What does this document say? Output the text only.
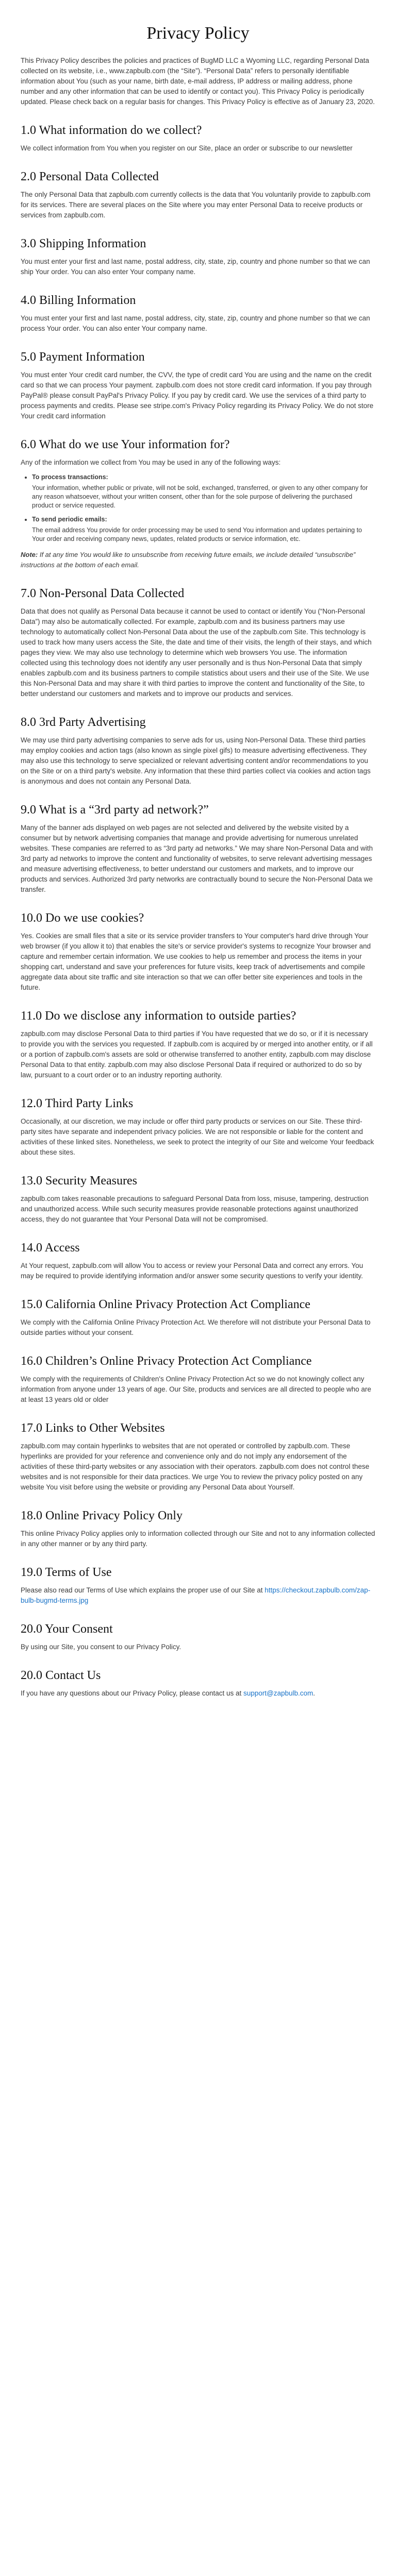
Privacy Policy

This Privacy Policy describes the policies and practices of BugMD LLC a Wyoming LLC, regarding Personal Data collected on its website, i.e., www.zapbulb.com (the “Site”). “Personal Data” refers to personally identifiable information about You (such as your name, birth date, e-mail address, IP address or mailing address, phone number and any other information that can be used to identify or contact you). This Privacy Policy is periodically updated. Please check back on a regular basis for changes. This Privacy Policy is effective as of January 23, 2020.

1.0 What information do we collect?

We collect information from You when you register on our Site, place an order or subscribe to our newsletter

2.0 Personal Data Collected

The only Personal Data that zapbulb.com currently collects is the data that You voluntarily provide to zapbulb.com for its services. There are several places on the Site where you may enter Personal Data to receive products or services from zapbulb.com.

3.0 Shipping Information

You must enter your first and last name, postal address, city, state, zip, country and phone number so that we can ship Your order. You can also enter Your company name.

4.0 Billing Information

You must enter your first and last name, postal address, city, state, zip, country and phone number so that we can process Your order. You can also enter Your company name.

5.0 Payment Information

You must enter Your credit card number, the CVV, the type of credit card You are using and the name on the credit card so that we can process Your payment. zapbulb.com does not store credit card information. If you pay through PayPal® please consult PayPal's Privacy Policy. If you pay by credit card. We use the services of a third party to process payments and credits. Please see stripe.com's Privacy Policy regarding its Privacy Policy. We do not store Your credit card information

6.0 What do we use Your information for?

Any of the information we collect from You may be used in any of the following ways:

• To process transactions:
Your information, whether public or private, will not be sold, exchanged, transferred, or given to any other company for any reason whatsoever, without your written consent, other than for the sole purpose of delivering the purchased product or service requested.
• To send periodic emails:
The email address You provide for order processing may be used to send You information and updates pertaining to Your order and receiving company news, updates, related products or service information, etc.

Note: If at any time You would like to unsubscribe from receiving future emails, we include detailed “unsubscribe” instructions at the bottom of each email.

7.0 Non-Personal Data Collected

Data that does not qualify as Personal Data because it cannot be used to contact or identify You (“Non-Personal Data”) may also be automatically collected. For example, zapbulb.com and its business partners may use technology to automatically collect Non-Personal Data about the use of the zapbulb.com Site. This technology is used to track how many users access the Site, the date and time of their visits, the length of their stays, and which pages they view. We may also use technology to determine which web browsers You use. The information collected using this technology does not identify any user personally and is thus Non-Personal Data that simply enables zapbulb.com and its business partners to compile statistics about users and their use of the Site. We use this Non-Personal Data and may share it with third parties to improve the content and functionality of the Site, to better understand our customers and markets and to improve our products and services.

8.0 3rd Party Advertising

We may use third party advertising companies to serve ads for us, using Non-Personal Data. These third parties may employ cookies and action tags (also known as single pixel gifs) to measure advertising effectiveness. They may also use this technology to serve specialized or relevant advertising content and/or recommendations to you on the Site or on a third party's website. Any information that these third parties collect via cookies and action tags is anonymous and does not contain any Personal Data.

9.0 What is a “3rd party ad network?”

Many of the banner ads displayed on web pages are not selected and delivered by the website visited by a consumer but by network advertising companies that manage and provide advertising for numerous unrelated websites. These companies are referred to as “3rd party ad networks.” We may share Non-Personal Data and with 3rd party ad networks to improve the content and functionality of websites, to serve relevant advertising messages and measure advertising effectiveness, to better understand our customers and markets, and to improve our products and services. Authorized 3rd party networks are contractually bound to secure the Non-Personal Data we transfer.

10.0 Do we use cookies?

Yes. Cookies are small files that a site or its service provider transfers to Your computer's hard drive through Your web browser (if you allow it to) that enables the site's or service provider's systems to recognize Your browser and capture and remember certain information. We use cookies to help us remember and process the items in your shopping cart, understand and save your preferences for future visits, keep track of advertisements and compile aggregate data about site traffic and site interaction so that we can offer better site experiences and tools in the future.

11.0 Do we disclose any information to outside parties?

zapbulb.com may disclose Personal Data to third parties if You have requested that we do so, or if it is necessary to provide you with the services you requested. If zapbulb.com is acquired by or merged into another entity, or if all or a portion of zapbulb.com's assets are sold or otherwise transferred to another entity, zapbulb.com may disclose Personal Data to that entity. zapbulb.com may also disclose Personal Data if required or authorized to do so by law, pursuant to a court order or to an industry reporting authority.

12.0 Third Party Links

Occasionally, at our discretion, we may include or offer third party products or services on our Site. These third-party sites have separate and independent privacy policies. We are not responsible or liable for the content and activities of these linked sites. Nonetheless, we seek to protect the integrity of our Site and welcome Your feedback about these sites.

13.0 Security Measures

zapbulb.com takes reasonable precautions to safeguard Personal Data from loss, misuse, tampering, destruction and unauthorized access. While such security measures provide reasonable protections against unauthorized access, they do not guarantee that Your Personal Data will not be compromised.

14.0 Access

At Your request, zapbulb.com will allow You to access or review your Personal Data and correct any errors. You may be required to provide identifying information and/or answer some security questions to verify your identity.

15.0 California Online Privacy Protection Act Compliance

We comply with the California Online Privacy Protection Act. We therefore will not distribute your Personal Data to outside parties without your consent.

16.0 Children’s Online Privacy Protection Act Compliance

We comply with the requirements of Children's Online Privacy Protection Act so we do not knowingly collect any information from anyone under 13 years of age. Our Site, products and services are all directed to people who are at least 13 years old or older

17.0 Links to Other Websites

zapbulb.com may contain hyperlinks to websites that are not operated or controlled by zapbulb.com. These hyperlinks are provided for your reference and convenience only and do not imply any endorsement of the activities of these third-party websites or any association with their operators. zapbulb.com does not control these websites and is not responsible for their data practices. We urge You to review the privacy policy posted on any website You visit before using the website or providing any Personal Data about Yourself.

18.0 Online Privacy Policy Only

This online Privacy Policy applies only to information collected through our Site and not to any information collected in any other manner or by any third party.

19.0 Terms of Use

Please also read our Terms of Use which explains the proper use of our Site at https://checkout.zapbulb.com/zap-bulb-bugmd-terms.jpg

20.0 Your Consent

By using our Site, you consent to our Privacy Policy.

20.0 Contact Us

If you have any questions about our Privacy Policy, please contact us at support@zapbulb.com.
